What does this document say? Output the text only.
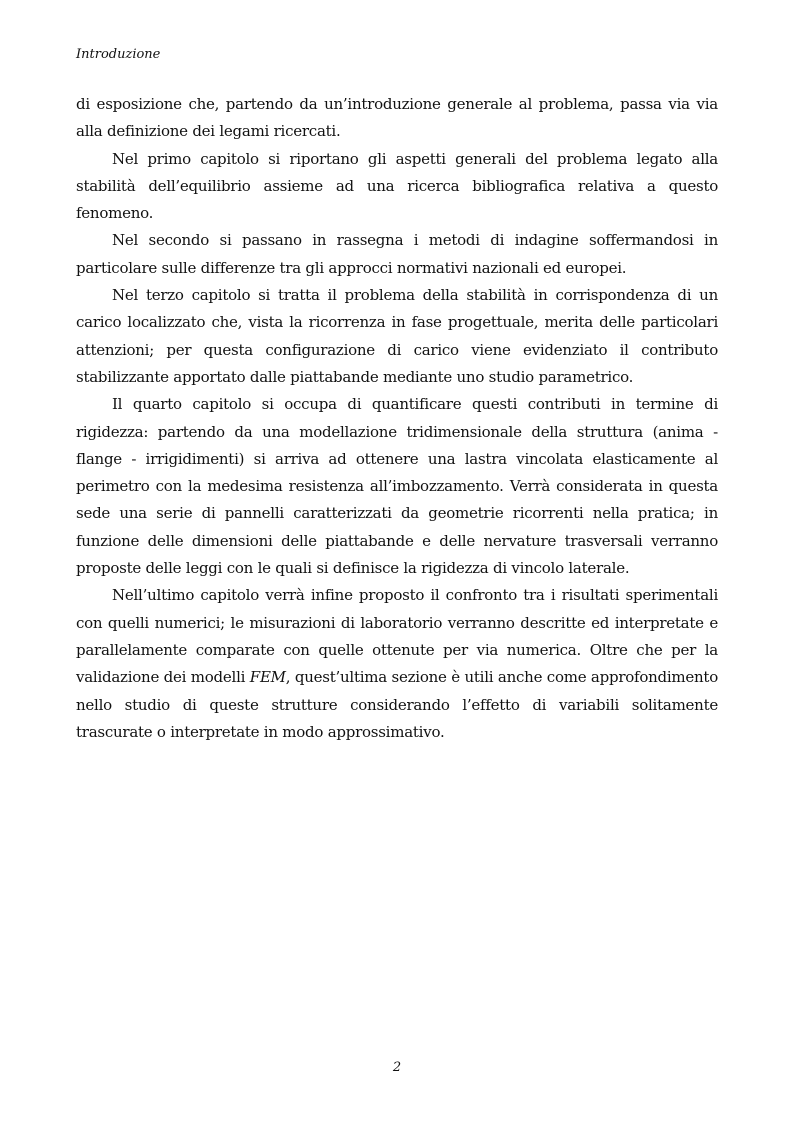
Introduzione

di esposizione che, partendo da un’introduzione generale al problema, passa via via alla definizione dei legami ricercati.

Nel primo capitolo si riportano gli aspetti generali del problema legato alla stabilità dell’equilibrio assieme ad una ricerca bibliografica relativa a questo fenomeno.

Nel secondo si passano in rassegna i metodi di indagine soffermandosi in particolare sulle differenze tra gli approcci normativi nazionali ed europei.

Nel terzo capitolo si tratta il problema della stabilità in corrispondenza di un carico localizzato che, vista la ricorrenza in fase progettuale, merita delle particolari attenzioni; per questa configurazione di carico viene evidenziato il contributo stabilizzante apportato dalle piattabande mediante uno studio parametrico.

Il quarto capitolo si occupa di quantificare questi contributi in termine di rigidezza: partendo da una modellazione tridimensionale della struttura (anima - flange - irrigidimenti) si arriva ad ottenere una lastra vincolata elasticamente al perimetro con la medesima resistenza all’imbozzamento. Verrà considerata in questa sede una serie di pannelli caratterizzati da geometrie ricorrenti nella pratica; in funzione delle dimensioni delle piattabande e delle nervature trasversali verranno proposte delle leggi con le quali si definisce la rigidezza di vincolo laterale.

Nell’ultimo capitolo verrà infine proposto il confronto tra i risultati sperimentali con quelli numerici; le misurazioni di laboratorio verranno descritte ed interpretate e parallelamente comparate con quelle ottenute per via numerica. Oltre che per la validazione dei modelli FEM, quest’ultima sezione è utili anche come approfondimento nello studio di queste strutture considerando l’effetto di variabili solitamente trascurate o interpretate in modo approssimativo.

2
